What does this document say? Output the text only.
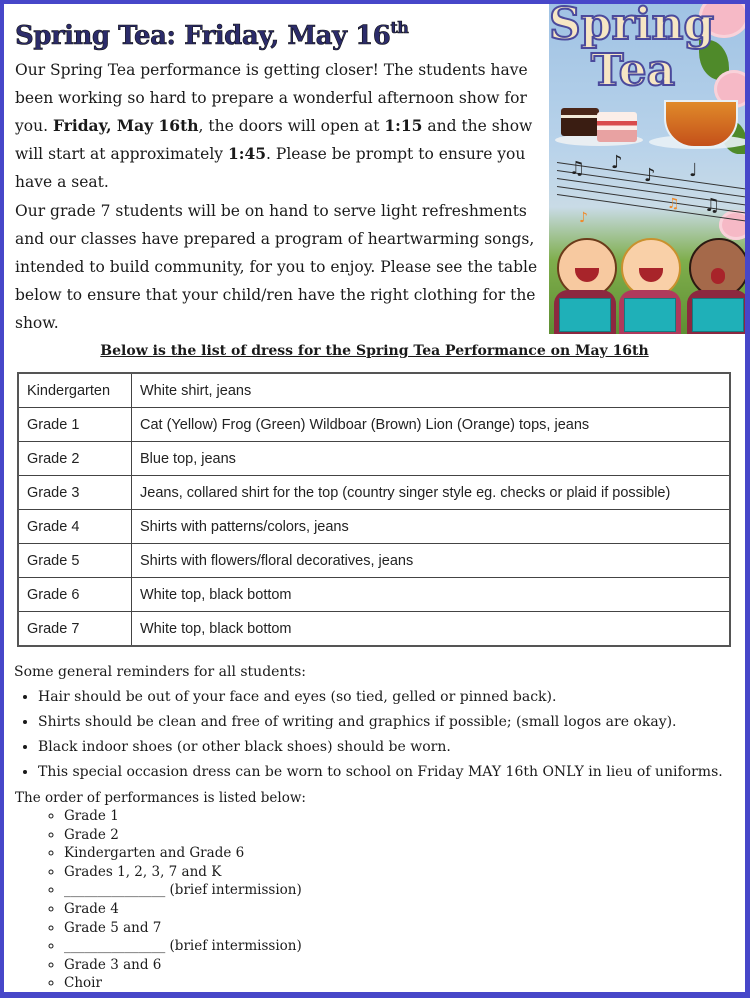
Spring Tea: Friday, May 16th

Our Spring Tea performance is getting closer! The students have been working so hard to prepare a wonderful afternoon show for you. Friday, May 16th, the doors will open at 1:15 and the show will start at approximately 1:45. Please be prompt to ensure you have a seat.

Our grade 7 students will be on hand to serve light refreshments and our classes have prepared a program of heartwarming songs, intended to build community, for you to enjoy. Please see the table below to ensure that your child/ren have the right clothing for the show.

Spring
Tea
♫ ♪
♪ ♩
♫
♪
♫

Below is the list of dress for the Spring Tea Performance on May 16th

Kindergarten	White shirt, jeans
Grade 1	Cat (Yellow) Frog (Green) Wildboar (Brown) Lion (Orange) tops, jeans
Grade 2	Blue top, jeans
Grade 3	Jeans, collared shirt for the top (country singer style eg. checks or plaid if possible)
Grade 4	Shirts with patterns/colors, jeans
Grade 5	Shirts with flowers/floral decoratives, jeans
Grade 6	White top, black bottom
Grade 7	White top, black bottom

Some general reminders for all students:

• Hair should be out of your face and eyes (so tied, gelled or pinned back).
• Shirts should be clean and free of writing and graphics if possible; (small logos are okay).
• Black indoor shoes (or other black shoes) should be worn.
• This special occasion dress can be worn to school on Friday MAY 16th ONLY in lieu of uniforms.

The order of performances is listed below:

◦ Grade 1
◦ Grade 2
◦ Kindergarten and Grade 6
◦ Grades 1, 2, 3, 7 and K
◦ _______________ (brief intermission)
◦ Grade 4
◦ Grade 5 and 7
◦ _______________ (brief intermission)
◦ Grade 3 and 6
◦ Choir
